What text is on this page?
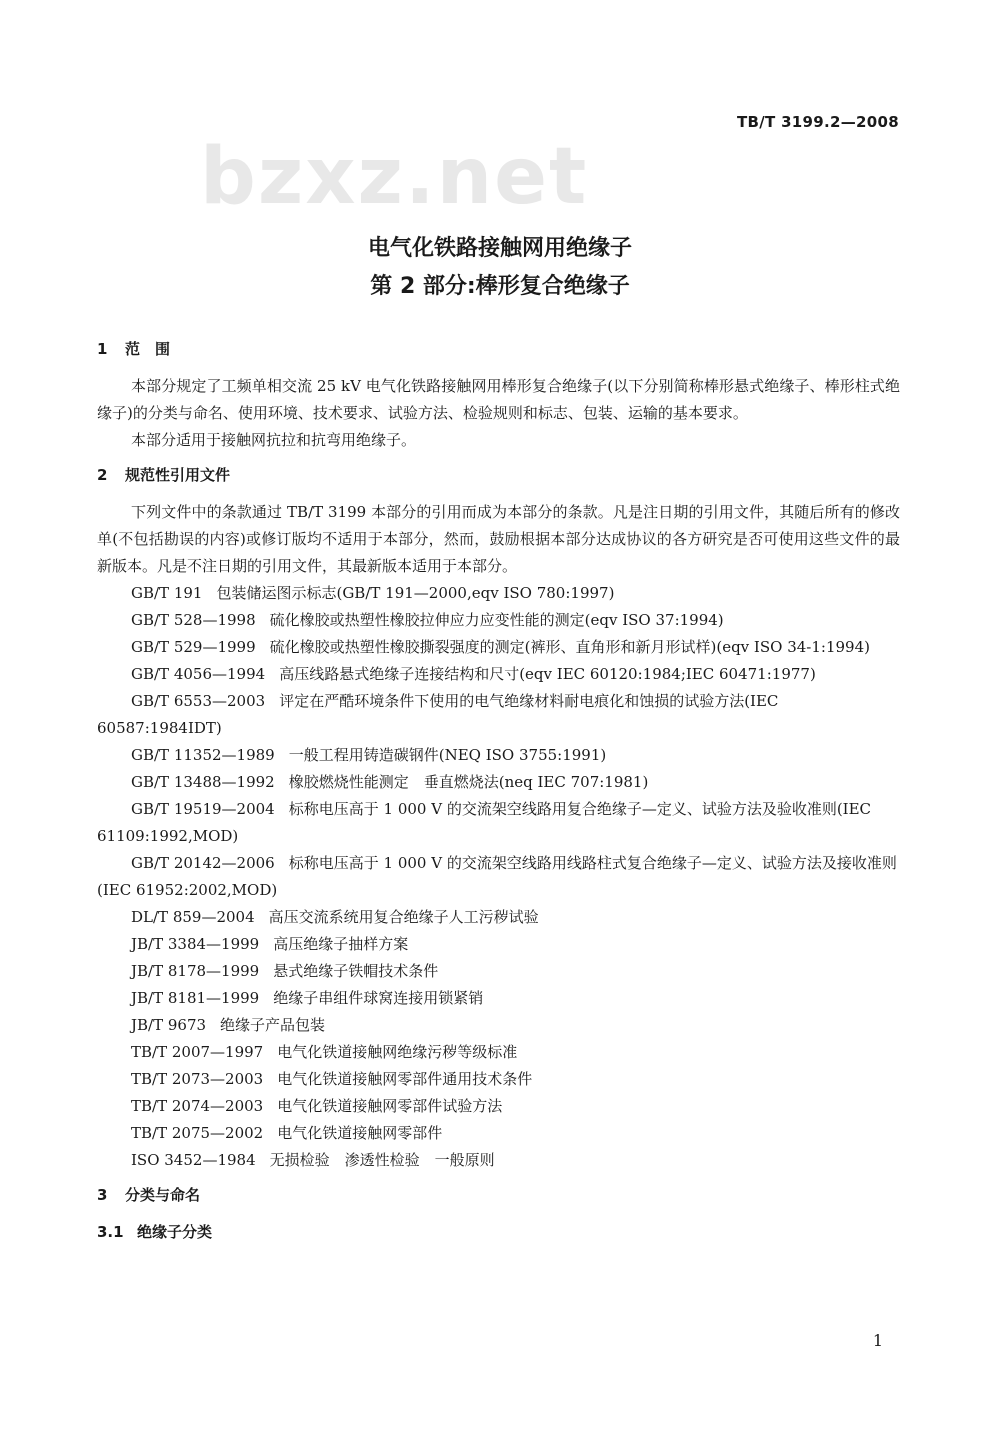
TB/T 3199.2—2008
bzxz.net
电气化铁路接触网用绝缘子
第 2 部分:棒形复合绝缘子
1 范　围
本部分规定了工频单相交流 25 kV 电气化铁路接触网用棒形复合绝缘子(以下分别简称棒形悬式绝缘子、棒形柱式绝缘子)的分类与命名、使用环境、技术要求、试验方法、检验规则和标志、包装、运输的基本要求。
本部分适用于接触网抗拉和抗弯用绝缘子。
2 规范性引用文件
下列文件中的条款通过 TB/T 3199 本部分的引用而成为本部分的条款。凡是注日期的引用文件，其随后所有的修改单(不包括勘误的内容)或修订版均不适用于本部分，然而，鼓励根据本部分达成协议的各方研究是否可使用这些文件的最新版本。凡是不注日期的引用文件，其最新版本适用于本部分。
GB/T 191 包装储运图示标志(GB/T 191—2000,eqv ISO 780:1997)
GB/T 528—1998 硫化橡胶或热塑性橡胶拉伸应力应变性能的测定(eqv ISO 37:1994)
GB/T 529—1999 硫化橡胶或热塑性橡胶撕裂强度的测定(裤形、直角形和新月形试样)(eqv ISO 34-1:1994)
GB/T 4056—1994 高压线路悬式绝缘子连接结构和尺寸(eqv IEC 60120:1984;IEC 60471:1977)
GB/T 6553—2003 评定在严酷环境条件下使用的电气绝缘材料耐电痕化和蚀损的试验方法(IEC 60587:1984IDT)
GB/T 11352—1989 一般工程用铸造碳钢件(NEQ ISO 3755:1991)
GB/T 13488—1992 橡胶燃烧性能测定　垂直燃烧法(neq IEC 707:1981)
GB/T 19519—2004 标称电压高于 1 000 V 的交流架空线路用复合绝缘子—定义、试验方法及验收准则(IEC 61109:1992,MOD)
GB/T 20142—2006 标称电压高于 1 000 V 的交流架空线路用线路柱式复合绝缘子—定义、试验方法及接收准则(IEC 61952:2002,MOD)
DL/T 859—2004 高压交流系统用复合绝缘子人工污秽试验
JB/T 3384—1999 高压绝缘子抽样方案
JB/T 8178—1999 悬式绝缘子铁帽技术条件
JB/T 8181—1999 绝缘子串组件球窝连接用锁紧销
JB/T 9673 绝缘子产品包装
TB/T 2007—1997 电气化铁道接触网绝缘污秽等级标准
TB/T 2073—2003 电气化铁道接触网零部件通用技术条件
TB/T 2074—2003 电气化铁道接触网零部件试验方法
TB/T 2075—2002 电气化铁道接触网零部件
ISO 3452—1984 无损检验　渗透性检验　一般原则
3 分类与命名
3.1 绝缘子分类
1
